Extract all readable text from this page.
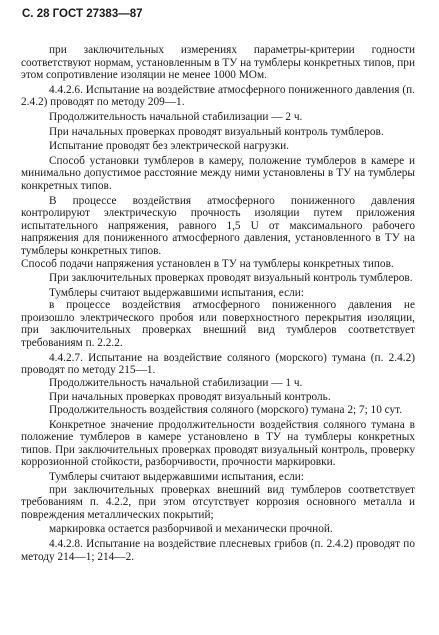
С. 28 ГОСТ 27383—87

при заключительных измерениях параметры-критерии годности соответствуют нормам, установленным в ТУ на тумблеры конкретных типов, при этом сопротивление изоляции не менее 1000 МОм.

4.4.2.6. Испытание на воздействие атмосферного пониженного давления (п. 2.4.2) проводят по методу 209—1.

Продолжительность начальной стабилизации — 2 ч.

При начальных проверках проводят визуальный контроль тумблеров.

Испытание проводят без электрической нагрузки.

Способ установки тумблеров в камеру, положение тумблеров в камере и минимально допустимое расстояние между ними установлены в ТУ на тумблеры конкретных типов.

В процессе воздействия атмосферного пониженного давления контролируют электрическую прочность изоляции путем приложения испытательного напряжения, равного 1,5 U от максимального рабочего напряжения для пониженного атмосферного давления, установленного в ТУ на тумблеры конкретных типов.

Способ подачи напряжения установлен в ТУ на тумблеры конкретных типов.

При заключительных проверках проводят визуальный контроль тумблеров.

Тумблеры считают выдержавшими испытания, если:

в процессе воздействия атмосферного пониженного давления не произошло электрического пробоя или поверхностного перекрытия изоляции, при заключительных проверках внешний вид тумблеров соответствует требованиям п. 2.2.2.

4.4.2.7. Испытание на воздействие соляного (морского) тумана (п. 2.4.2) проводят по методу 215—1.

Продолжительность начальной стабилизации — 1 ч.

При начальных проверках проводят визуальный контроль.

Продолжительность воздействия соляного (морского) тумана 2; 7; 10 сут.

Конкретное значение продолжительности воздействия соляного тумана в положение тумблеров в камере установлено в ТУ на тумблеры конкретных типов. При заключительных проверках проводят визуальный контроль, проверку коррозионной стойкости, разборчивости, прочности маркировки.

Тумблеры считают выдержавшими испытания, если:

при заключительных проверках внешний вид тумблеров соответствует требованиям п. 4.2.2, при этом отсутствует коррозия основного металла и повреждения металлических покрытий;

маркировка остается разборчивой и механически прочной.

4.4.2.8. Испытание на воздействие плесневых грибов (п. 2.4.2) проводят по методу 214—1; 214—2.
